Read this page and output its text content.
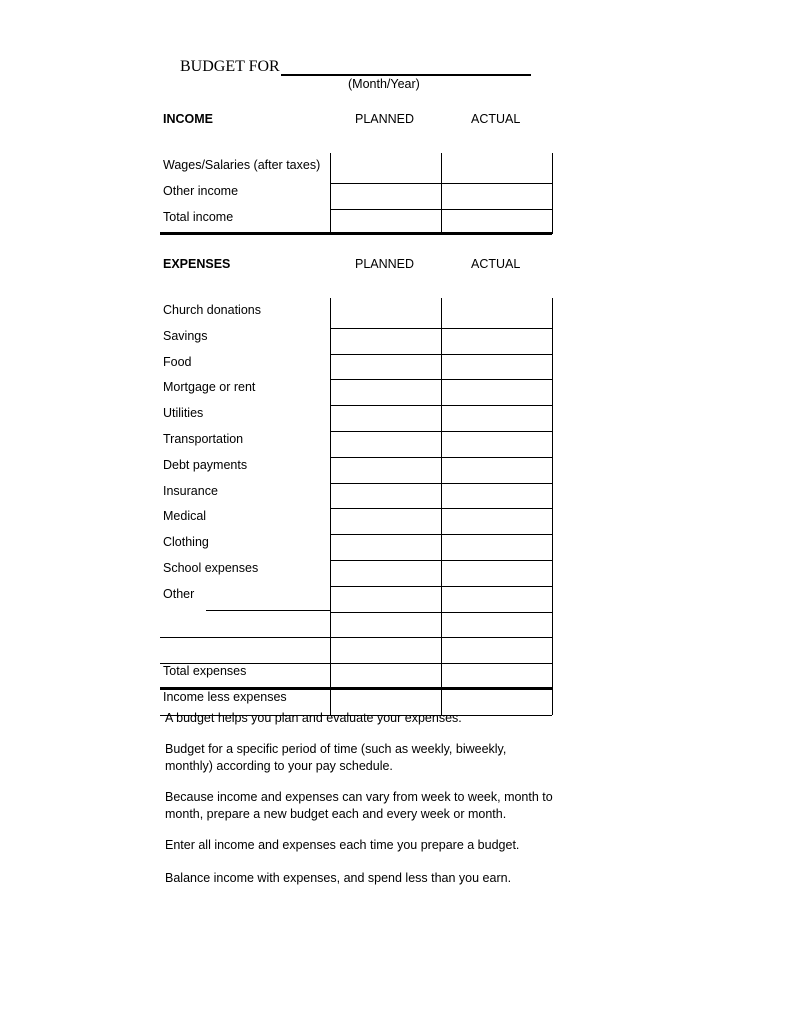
BUDGET FOR
(Month/Year)
INCOME	PLANNED	ACTUAL
Wages/Salaries (after taxes)
Other income
Total income
EXPENSES	PLANNED	ACTUAL
Church donations
Savings
Food
Mortgage or rent
Utilities
Transportation
Debt payments
Insurance
Medical
Clothing
School expenses
Other
Total expenses
Income less expenses
A budget helps you plan and evaluate your expenses.
Budget for a specific period of time (such as weekly, biweekly, monthly) according to your pay schedule.
Because income and expenses can vary from week to week, month to month, prepare a new budget each and every week or month.
Enter all income and expenses each time you prepare a budget.
Balance income with expenses, and spend less than you earn.
